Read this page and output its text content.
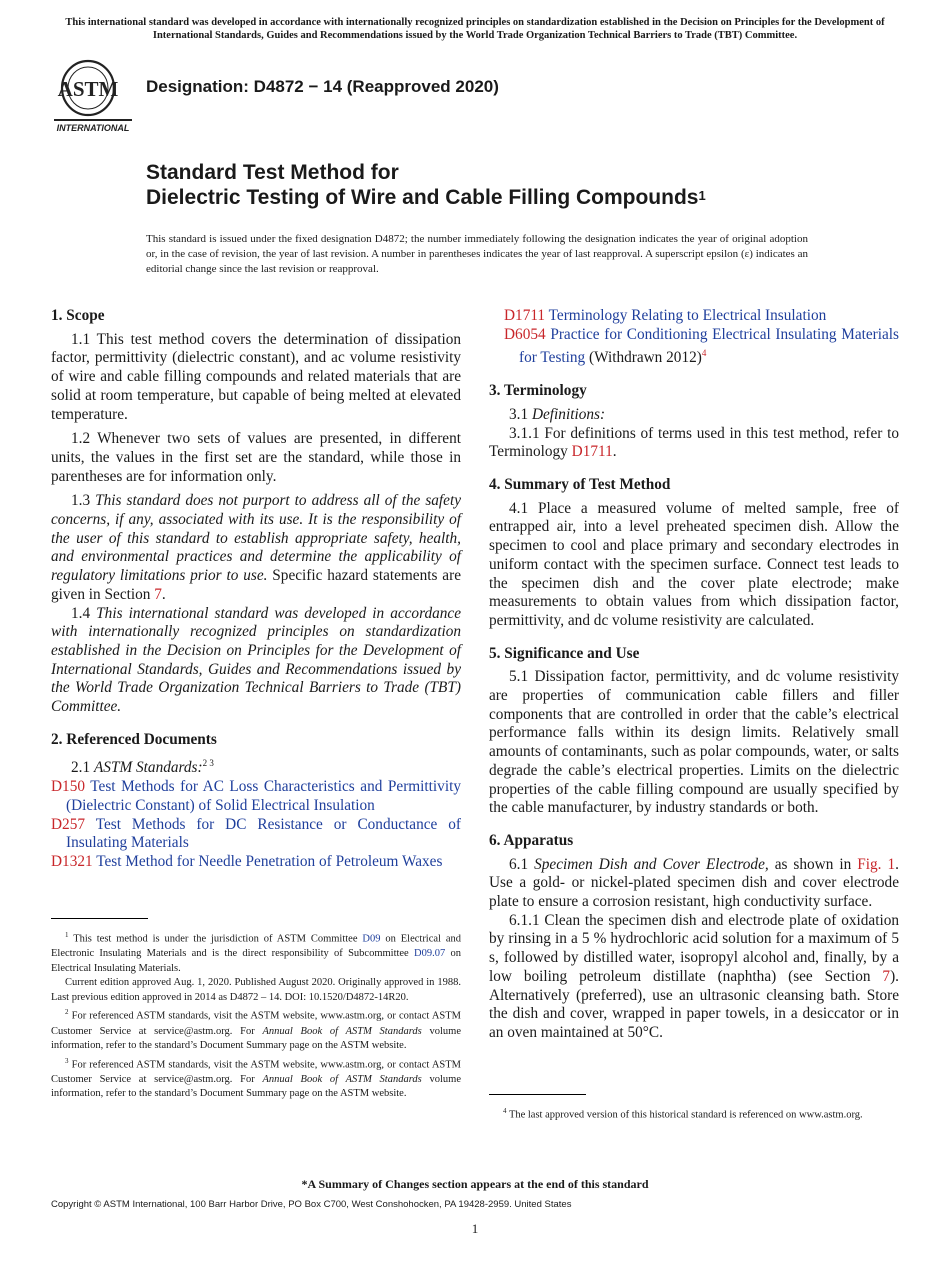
This international standard was developed in accordance with internationally recognized principles on standardization established in the Decision on Principles for the Development of International Standards, Guides and Recommendations issued by the World Trade Organization Technical Barriers to Trade (TBT) Committee.
ASTM
INTERNATIONAL
Designation: D4872 − 14 (Reapproved 2020)
Standard Test Method for
Dielectric Testing of Wire and Cable Filling Compounds$^1$
This standard is issued under the fixed designation D4872; the number immediately following the designation indicates the year of original adoption or, in the case of revision, the year of last revision. A number in parentheses indicates the year of last reapproval. A superscript epsilon (ε) indicates an editorial change since the last revision or reapproval.
1. Scope

1.1 This test method covers the determination of dissipation factor, permittivity (dielectric constant), and ac volume resistivity of wire and cable filling compounds and related materials that are solid at room temperature, but capable of being melted at elevated temperature.

1.2 Whenever two sets of values are presented, in different units, the values in the first set are the standard, while those in parentheses are for information only.

1.3 This standard does not purport to address all of the safety concerns, if any, associated with its use. It is the responsibility of the user of this standard to establish appropriate safety, health, and environmental practices and determine the applicability of regulatory limitations prior to use. Specific hazard statements are given in Section 7.

1.4 This international standard was developed in accordance with internationally recognized principles on standardization established in the Decision on Principles for the Development of International Standards, Guides and Recommendations issued by the World Trade Organization Technical Barriers to Trade (TBT) Committee.

2. Referenced Documents

2.1 ASTM Standards:$^{2 3}$

D150 Test Methods for AC Loss Characteristics and Permittivity (Dielectric Constant) of Solid Electrical Insulation

D257 Test Methods for DC Resistance or Conductance of Insulating Materials

D1321 Test Method for Needle Penetration of Petroleum Waxes

$^1$ This test method is under the jurisdiction of ASTM Committee D09 on Electrical and Electronic Insulating Materials and is the direct responsibility of Subcommittee D09.07 on Electrical Insulating Materials.

Current edition approved Aug. 1, 2020. Published August 2020. Originally approved in 1988. Last previous edition approved in 2014 as D4872 – 14. DOI: 10.1520/D4872-14R20.

$^2$ For referenced ASTM standards, visit the ASTM website, www.astm.org, or contact ASTM Customer Service at service@astm.org. For Annual Book of ASTM Standards volume information, refer to the standard’s Document Summary page on the ASTM website.

$^3$ For referenced ASTM standards, visit the ASTM website, www.astm.org, or contact ASTM Customer Service at service@astm.org. For Annual Book of ASTM Standards volume information, refer to the standard’s Document Summary page on the ASTM website.

D1711 Terminology Relating to Electrical Insulation

D6054 Practice for Conditioning Electrical Insulating Materials for Testing (Withdrawn 2012)$^4$

3. Terminology

3.1 Definitions:

3.1.1 For definitions of terms used in this test method, refer to Terminology D1711.

4. Summary of Test Method

4.1 Place a measured volume of melted sample, free of entrapped air, into a level preheated specimen dish. Allow the specimen to cool and place primary and secondary electrodes in uniform contact with the specimen surface. Connect test leads to the specimen dish and the cover plate electrode; make measurements to obtain values from which dissipation factor, permittivity, and dc volume resistivity are calculated.

5. Significance and Use

5.1 Dissipation factor, permittivity, and dc volume resistivity are properties of communication cable fillers and filler components that are controlled in order that the cable’s electrical performance falls within its design limits. Relatively small amounts of contaminants, such as polar compounds, water, or salts degrade the cable’s electrical properties. Limits on the dielectric properties of the cable filling compound are usually specified by the cable manufacturer, by industry standards or both.

6. Apparatus

6.1 Specimen Dish and Cover Electrode, as shown in Fig. 1. Use a gold- or nickel-plated specimen dish and cover electrode plate to ensure a corrosion resistant, high conductivity surface.

6.1.1 Clean the specimen dish and electrode plate of oxidation by rinsing in a 5 % hydrochloric acid solution for a maximum of 5 s, followed by distilled water, isopropyl alcohol and, finally, by a low boiling petroleum distillate (naphtha) (see Section 7). Alternatively (preferred), use an ultrasonic cleansing bath. Store the dish and cover, wrapped in paper towels, in a desiccator or in an oven maintained at 50°C.

$^4$ The last approved version of this historical standard is referenced on www.astm.org.

*A Summary of Changes section appears at the end of this standard
Copyright © ASTM International, 100 Barr Harbor Drive, PO Box C700, West Conshohocken, PA 19428-2959. United States
1
